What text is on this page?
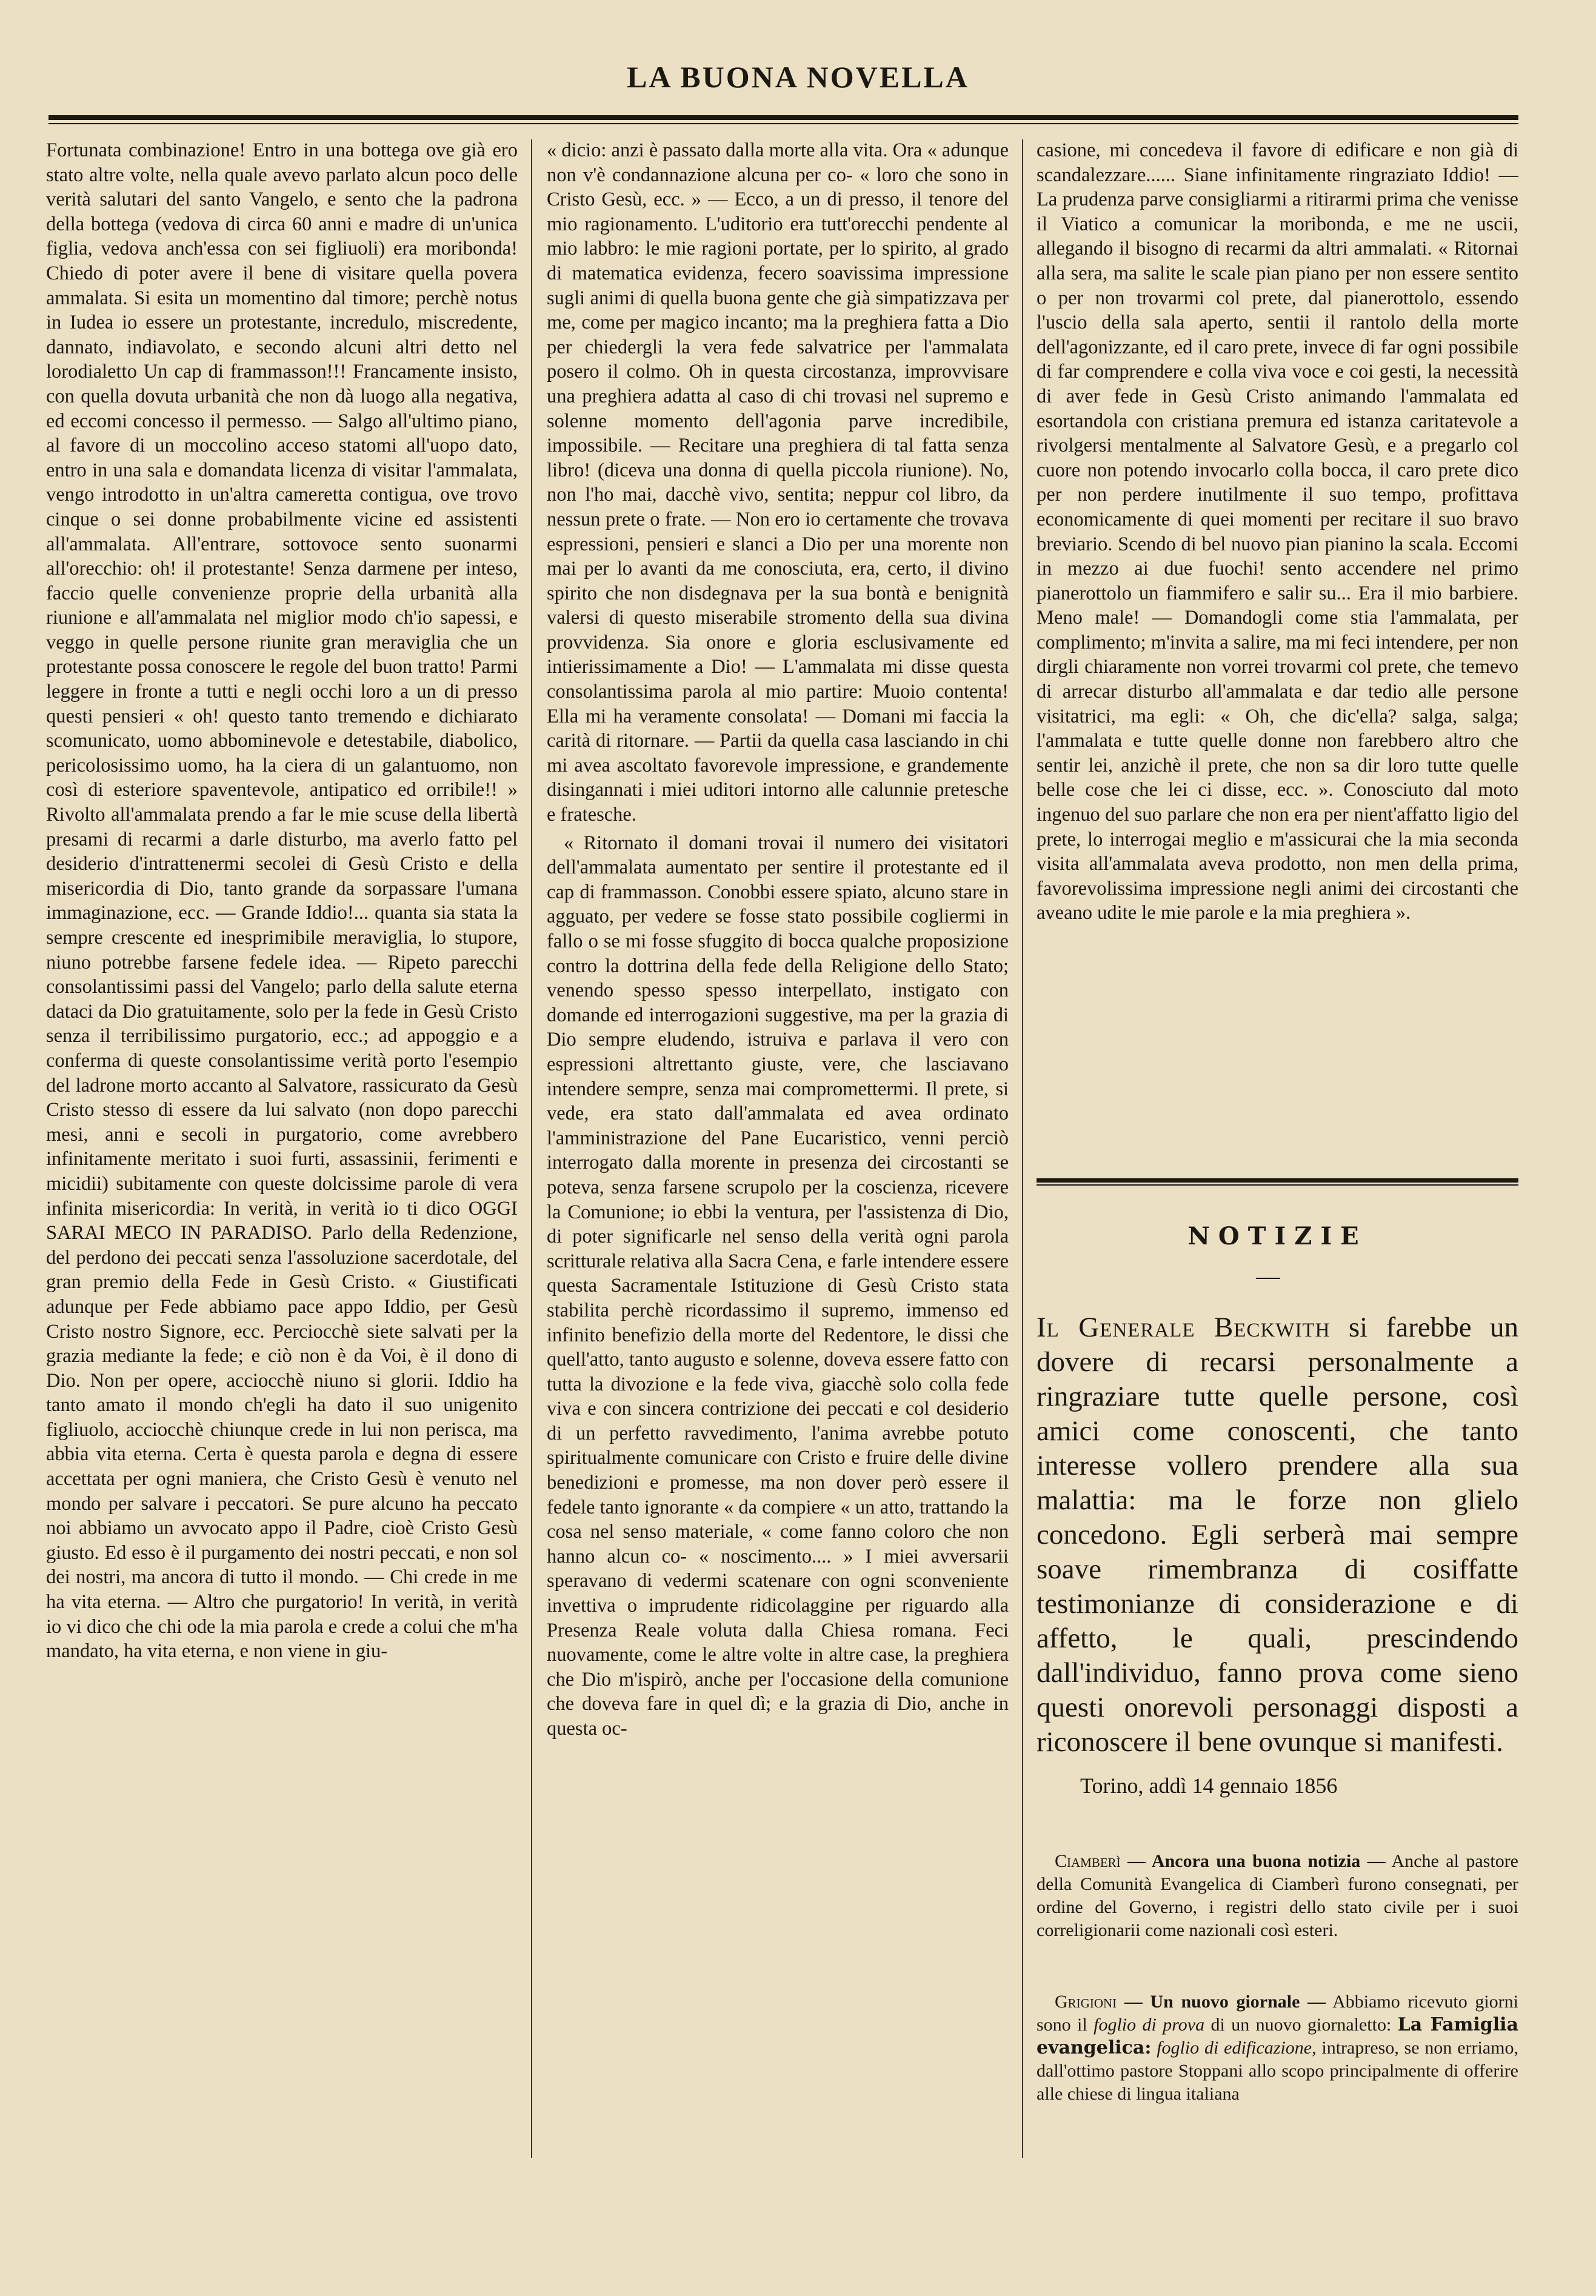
LA BUONA NOVELLA

Fortunata combinazione! Entro in una bottega ove già ero stato altre volte, nella quale avevo parlato alcun poco delle verità salutari del santo Vangelo, e sento che la padrona della bottega (vedova di circa 60 anni e madre di un'unica figlia, vedova anch'essa con sei figliuoli) era moribonda! Chiedo di poter avere il bene di visitare quella povera ammalata. Si esita un momentino dal timore; perchè notus in Iudea io essere un protestante, incredulo, miscredente, dannato, indiavolato, e secondo alcuni altri detto nel lorodialetto Un cap di frammasson!!! Francamente insisto, con quella dovuta urbanità che non dà luogo alla negativa, ed eccomi concesso il permesso. — Salgo all'ultimo piano, al favore di un moccolino acceso statomi all'uopo dato, entro in una sala e domandata licenza di visitar l'ammalata, vengo introdotto in un'altra cameretta contigua, ove trovo cinque o sei donne probabilmente vicine ed assistenti all'ammalata. All'entrare, sottovoce sento suonarmi all'orecchio: oh! il protestante! Senza darmene per inteso, faccio quelle convenienze proprie della urbanità alla riunione e all'ammalata nel miglior modo ch'io sapessi, e veggo in quelle persone riunite gran meraviglia che un protestante possa conoscere le regole del buon tratto! Parmi leggere in fronte a tutti e negli occhi loro a un di presso questi pensieri « oh! questo tanto tremendo e dichiarato scomunicato, uomo abbominevole e detestabile, diabolico, pericolosissimo uomo, ha la ciera di un galantuomo, non così di esteriore spaventevole, antipatico ed orribile!! » Rivolto all'ammalata prendo a far le mie scuse della libertà presami di recarmi a darle disturbo, ma averlo fatto pel desiderio d'intrattenermi secolei di Gesù Cristo e della misericordia di Dio, tanto grande da sorpassare l'umana immaginazione, ecc. — Grande Iddio!... quanta sia stata la sempre crescente ed inesprimibile meraviglia, lo stupore, niuno potrebbe farsene fedele idea. — Ripeto parecchi consolantissimi passi del Vangelo; parlo della salute eterna dataci da Dio gratuitamente, solo per la fede in Gesù Cristo senza il terribilissimo purgatorio, ecc.; ad appoggio e a conferma di queste consolantissime verità porto l'esempio del ladrone morto accanto al Salvatore, rassicurato da Gesù Cristo stesso di essere da lui salvato (non dopo parecchi mesi, anni e secoli in purgatorio, come avrebbero infinitamente meritato i suoi furti, assassinii, ferimenti e micidii) subitamente con queste dolcissime parole di vera infinita misericordia: In verità, in verità io ti dico OGGI SARAI MECO IN PARADISO. Parlo della Redenzione, del perdono dei peccati senza l'assoluzione sacerdotale, del gran premio della Fede in Gesù Cristo. « Giustificati adunque per Fede abbiamo pace appo Iddio, per Gesù Cristo nostro Signore, ecc. Perciocchè siete salvati per la grazia mediante la fede; e ciò non è da Voi, è il dono di Dio. Non per opere, acciocchè niuno si glorii. Iddio ha tanto amato il mondo ch'egli ha dato il suo unigenito figliuolo, acciocchè chiunque crede in lui non perisca, ma abbia vita eterna. Certa è questa parola e degna di essere accettata per ogni maniera, che Cristo Gesù è venuto nel mondo per salvare i peccatori. Se pure alcuno ha peccato noi abbiamo un avvocato appo il Padre, cioè Cristo Gesù giusto. Ed esso è il purgamento dei nostri peccati, e non sol dei nostri, ma ancora di tutto il mondo. — Chi crede in me ha vita eterna. — Altro che purgatorio! In verità, in verità io vi dico che chi ode la mia parola e crede a colui che m'ha mandato, ha vita eterna, e non viene in giu-

« dicio: anzi è passato dalla morte alla vita. Ora « adunque non v'è condannazione alcuna per co- « loro che sono in Cristo Gesù, ecc. » — Ecco, a un di presso, il tenore del mio ragionamento. L'uditorio era tutt'orecchi pendente al mio labbro: le mie ragioni portate, per lo spirito, al grado di matematica evidenza, fecero soavissima impressione sugli animi di quella buona gente che già simpatizzava per me, come per magico incanto; ma la preghiera fatta a Dio per chiedergli la vera fede salvatrice per l'ammalata posero il colmo. Oh in questa circostanza, improvvisare una preghiera adatta al caso di chi trovasi nel supremo e solenne momento dell'agonia parve incredibile, impossibile. — Recitare una preghiera di tal fatta senza libro! (diceva una donna di quella piccola riunione). No, non l'ho mai, dacchè vivo, sentita; neppur col libro, da nessun prete o frate. — Non ero io certamente che trovava espressioni, pensieri e slanci a Dio per una morente non mai per lo avanti da me conosciuta, era, certo, il divino spirito che non disdegnava per la sua bontà e benignità valersi di questo miserabile stromento della sua divina provvidenza. Sia onore e gloria esclusivamente ed intierissimamente a Dio! — L'ammalata mi disse questa consolantissima parola al mio partire: Muoio contenta! Ella mi ha veramente consolata! — Domani mi faccia la carità di ritornare. — Partii da quella casa lasciando in chi mi avea ascoltato favorevole impressione, e grandemente disingannati i miei uditori intorno alle calunnie pretesche e fratesche.

« Ritornato il domani trovai il numero dei visitatori dell'ammalata aumentato per sentire il protestante ed il cap di frammasson. Conobbi essere spiato, alcuno stare in agguato, per vedere se fosse stato possibile cogliermi in fallo o se mi fosse sfuggito di bocca qualche proposizione contro la dottrina della fede della Religione dello Stato; venendo spesso spesso interpellato, instigato con domande ed interrogazioni suggestive, ma per la grazia di Dio sempre eludendo, istruiva e parlava il vero con espressioni altrettanto giuste, vere, che lasciavano intendere sempre, senza mai compromettermi. Il prete, si vede, era stato dall'ammalata ed avea ordinato l'amministrazione del Pane Eucaristico, venni perciò interrogato dalla morente in presenza dei circostanti se poteva, senza farsene scrupolo per la coscienza, ricevere la Comunione; io ebbi la ventura, per l'assistenza di Dio, di poter significarle nel senso della verità ogni parola scritturale relativa alla Sacra Cena, e farle intendere essere questa Sacramentale Istituzione di Gesù Cristo stata stabilita perchè ricordassimo il supremo, immenso ed infinito benefizio della morte del Redentore, le dissi che quell'atto, tanto augusto e solenne, doveva essere fatto con tutta la divozione e la fede viva, giacchè solo colla fede viva e con sincera contrizione dei peccati e col desiderio di un perfetto ravvedimento, l'anima avrebbe potuto spiritualmente comunicare con Cristo e fruire delle divine benedizioni e promesse, ma non dover però essere il fedele tanto ignorante « da compiere « un atto, trattando la cosa nel senso materiale, « come fanno coloro che non hanno alcun co- « noscimento.... » I miei avversarii speravano di vedermi scatenare con ogni sconveniente invettiva o imprudente ridicolaggine per riguardo alla Presenza Reale voluta dalla Chiesa romana. Feci nuovamente, come le altre volte in altre case, la preghiera che Dio m'ispirò, anche per l'occasione della comunione che doveva fare in quel dì; e la grazia di Dio, anche in questa oc-

casione, mi concedeva il favore di edificare e non già di scandalezzare...... Siane infinitamente ringraziato Iddio! — La prudenza parve consigliarmi a ritirarmi prima che venisse il Viatico a comunicar la moribonda, e me ne uscii, allegando il bisogno di recarmi da altri ammalati. « Ritornai alla sera, ma salite le scale pian piano per non essere sentito o per non trovarmi col prete, dal pianerottolo, essendo l'uscio della sala aperto, sentii il rantolo della morte dell'agonizzante, ed il caro prete, invece di far ogni possibile di far comprendere e colla viva voce e coi gesti, la necessità di aver fede in Gesù Cristo animando l'ammalata ed esortandola con cristiana premura ed istanza caritatevole a rivolgersi mentalmente al Salvatore Gesù, e a pregarlo col cuore non potendo invocarlo colla bocca, il caro prete dico per non perdere inutilmente il suo tempo, profittava economicamente di quei momenti per recitare il suo bravo breviario. Scendo di bel nuovo pian pianino la scala. Eccomi in mezzo ai due fuochi! sento accendere nel primo pianerottolo un fiammifero e salir su... Era il mio barbiere. Meno male! — Domandogli come stia l'ammalata, per complimento; m'invita a salire, ma mi feci intendere, per non dirgli chiaramente non vorrei trovarmi col prete, che temevo di arrecar disturbo all'ammalata e dar tedio alle persone visitatrici, ma egli: « Oh, che dic'ella? salga, salga; l'ammalata e tutte quelle donne non farebbero altro che sentir lei, anzichè il prete, che non sa dir loro tutte quelle belle cose che lei ci disse, ecc. ». Conosciuto dal moto ingenuo del suo parlare che non era per nient'affatto ligio del prete, lo interrogai meglio e m'assicurai che la mia seconda visita all'ammalata aveva prodotto, non men della prima, favorevolissima impressione negli animi dei circostanti che aveano udite le mie parole e la mia preghiera ».

NOTIZIE
Il Generale Beckwith si farebbe un dovere di recarsi personalmente a ringraziare tutte quelle persone, così amici come conoscenti, che tanto interesse vollero prendere alla sua malattia: ma le forze non glielo concedono. Egli serberà mai sempre soave rimembranza di cosiffatte testimonianze di considerazione e di affetto, le quali, prescindendo dall'individuo, fanno prova come sieno questi onorevoli personaggi disposti a riconoscere il bene ovunque si manifesti.
Torino, addì 14 gennaio 1856
 Ciamberì — Ancora una buona notizia — Anche al pastore della Comunità Evangelica di Ciamberì furono consegnati, per ordine del Governo, i registri dello stato civile per i suoi correligionarii come nazionali così esteri.
 Grigioni — Un nuovo giornale — Abbiamo ricevuto giorni sono il foglio di prova di un nuovo giornaletto: La Famiglia evangelica: foglio di edificazione, intrapreso, se non erriamo, dall'ottimo pastore Stoppani allo scopo principalmente di offerire alle chiese di lingua italiana
